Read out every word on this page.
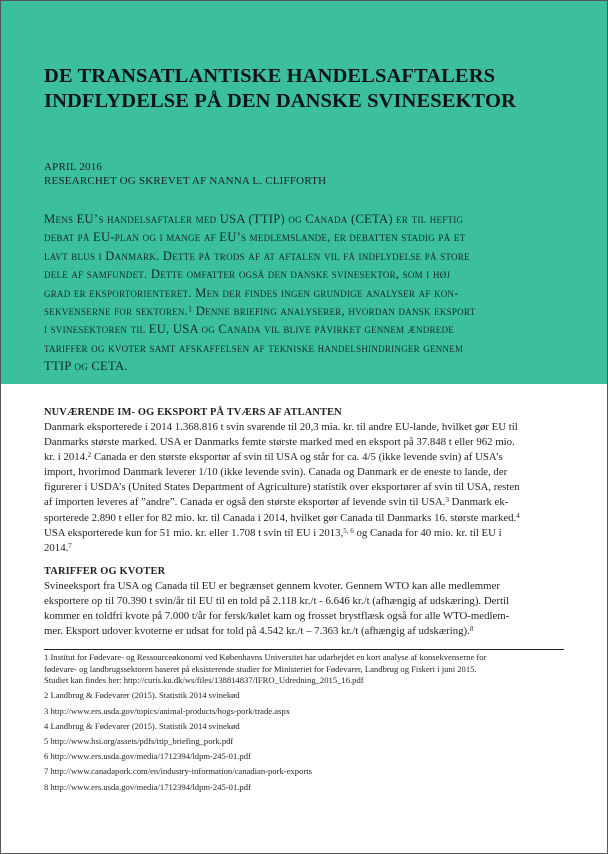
DE TRANSATLANTISKE HANDELSAFTALERS
INDFLYDELSE PÅ DEN DANSKE SVINESEKTOR
APRIL 2016
RESEARCHET OG SKREVET AF NANNA L. CLIFFORTH
Mens EU’s handelsaftaler med USA (TTIP) og Canada (CETA) er til heftig
debat på EU-plan og i mange af EU’s medlemslande, er debatten stadig på et
lavt blus i Danmark. Dette på trods af at aftalen vil få indflydelse på store
dele af samfundet. Dette omfatter også den danske svinesektor, som i høj
grad er eksportorienteret. Men der findes ingen grundige analyser af kon-
sekvenserne for sektoren.$^1$ Denne briefing analyserer, hvordan dansk eksport
i svinesektoren til EU, USA og Canada vil blive påvirket gennem ændrede
tariffer og kvoter samt afskaffelsen af tekniske handelshindringer gennem
TTIP og CETA.
NUVÆRENDE IM- OG EKSPORT PÅ TVÆRS AF ATLANTEN
Danmark eksporterede i 2014 1.368.816 t svin svarende til 20,3 mia. kr. til andre EU-lande, hvilket gør EU til
Danmarks største marked. USA er Danmarks femte største marked med en eksport på 37.848 t eller 962 mio.
kr. i 2014.$^2$ Canada er den største eksportør af svin til USA og står for ca. 4/5 (ikke levende svin) af USA’s
import, hvorimod Danmark leverer 1/10 (ikke levende svin). Canada og Danmark er de eneste to lande, der
figurerer i USDA’s (United States Department of Agriculture) statistik over eksportører af svin til USA, resten
af importen leveres af ”andre”. Canada er også den største eksportør af levende svin til USA.$^3$ Danmark ek-
sporterede 2.890 t eller for 82 mio. kr. til Canada i 2014, hvilket gør Canada til Danmarks 16. største marked.$^4$
USA eksporterede kun for 51 mio. kr. eller 1.708 t svin til EU i 2013,$^{5, 6}$ og Canada for 40 mio. kr. til EU i
2014.$^7$
TARIFFER OG KVOTER
Svineeksport fra USA og Canada til EU er begrænset gennem kvoter. Gennem WTO kan alle medlemmer
eksportere op til 70.390 t svin/år til EU til en told på 2.118 kr./t - 6.646 kr./t (afhængig af udskæring). Dertil
kommer en toldfri kvote på 7.000 t/år for fersk/kølet kam og frosset brystflæsk også for alle WTO-medlem-
mer. Eksport udover kvoterne er udsat for told på 4.542 kr./t – 7.363 kr./t (afhængig af udskæring).$^8$
1 Institut for Fødevare- og Ressourceøkonomi ved Københavns Universitet har udarbejdet en kort analyse af konsekvenserne for
fødevare- og landbrugssektoren baseret på eksisterende studier for Ministeriet for Fødevarer, Landbrug og Fiskeri i juni 2015.
Studiet kan findes her: http://curis.ku.dk/ws/files/138814837/IFRO_Udredning_2015_16.pdf
2 Landbrug & Fødevarer (2015). Statistik 2014 svinekød
3 http://www.ers.usda.gov/topics/animal-products/hogs-pork/trade.aspx
4 Landbrug & Fødevarer (2015). Statistik 2014 svinekød
5 http://www.hsi.org/assets/pdfs/ttip_briefing_pork.pdf
6 http://www.ers.usda.gov/media/1712394/ldpm-245-01.pdf
7 http://www.canadapork.com/en/industry-information/canadian-pork-exports
8 http://www.ers.usda.gov/media/1712394/ldpm-245-01.pdf
